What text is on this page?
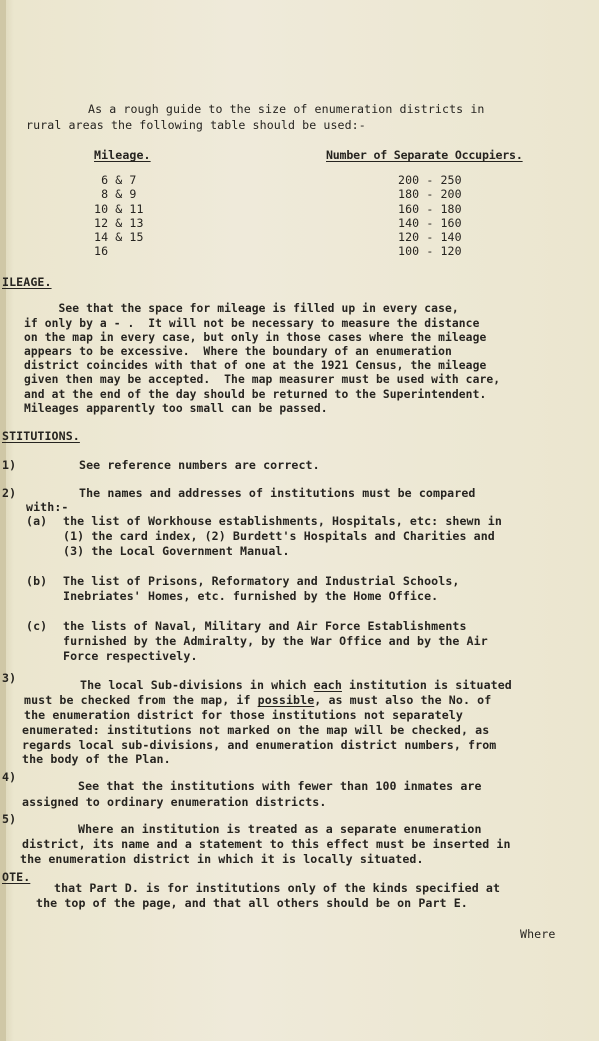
As a rough guide to the size of enumeration districts in
rural areas the following table should be used:-
Mileage.	Number of Separate Occupiers.
6 & 7	200 - 250
8 & 9	180 - 200
10 & 11	160 - 180
12 & 13	140 - 160
14 & 15	120 - 140
16	100 - 120
ILEAGE.
See that the space for mileage is filled up in every case,
if only by a - .  It will not be necessary to measure the distance
on the map in every case, but only in those cases where the mileage
appears to be excessive.  Where the boundary of an enumeration
district coincides with that of one at the 1921 Census, the mileage
given then may be accepted.  The map measurer must be used with care,
and at the end of the day should be returned to the Superintendent.
Mileages apparently too small can be passed.
STITUTIONS.
1)	See reference numbers are correct.
2)	The names and addresses of institutions must be compared
with:-
(a) the list of Workhouse establishments, Hospitals, etc: shewn in
(1) the card index, (2) Burdett's Hospitals and Charities and
(3) the Local Government Manual.
(b) The list of Prisons, Reformatory and Industrial Schools,
Inebriates' Homes, etc. furnished by the Home Office.
(c) the lists of Naval, Military and Air Force Establishments
furnished by the Admiralty, by the War Office and by the Air
Force respectively.
3)	The local Sub-divisions in which each institution is situated
must be checked from the map, if possible, as must also the No. of
the enumeration district for those institutions not separately
enumerated: institutions not marked on the map will be checked, as
regards local sub-divisions, and enumeration district numbers, from
the body of the Plan.
4)
See that the institutions with fewer than 100 inmates are
assigned to ordinary enumeration districts.
5)
Where an institution is treated as a separate enumeration
district, its name and a statement to this effect must be inserted in
the enumeration district in which it is locally situated.
OTE.
that Part D. is for institutions only of the kinds specified at
the top of the page, and that all others should be on Part E.
Where
